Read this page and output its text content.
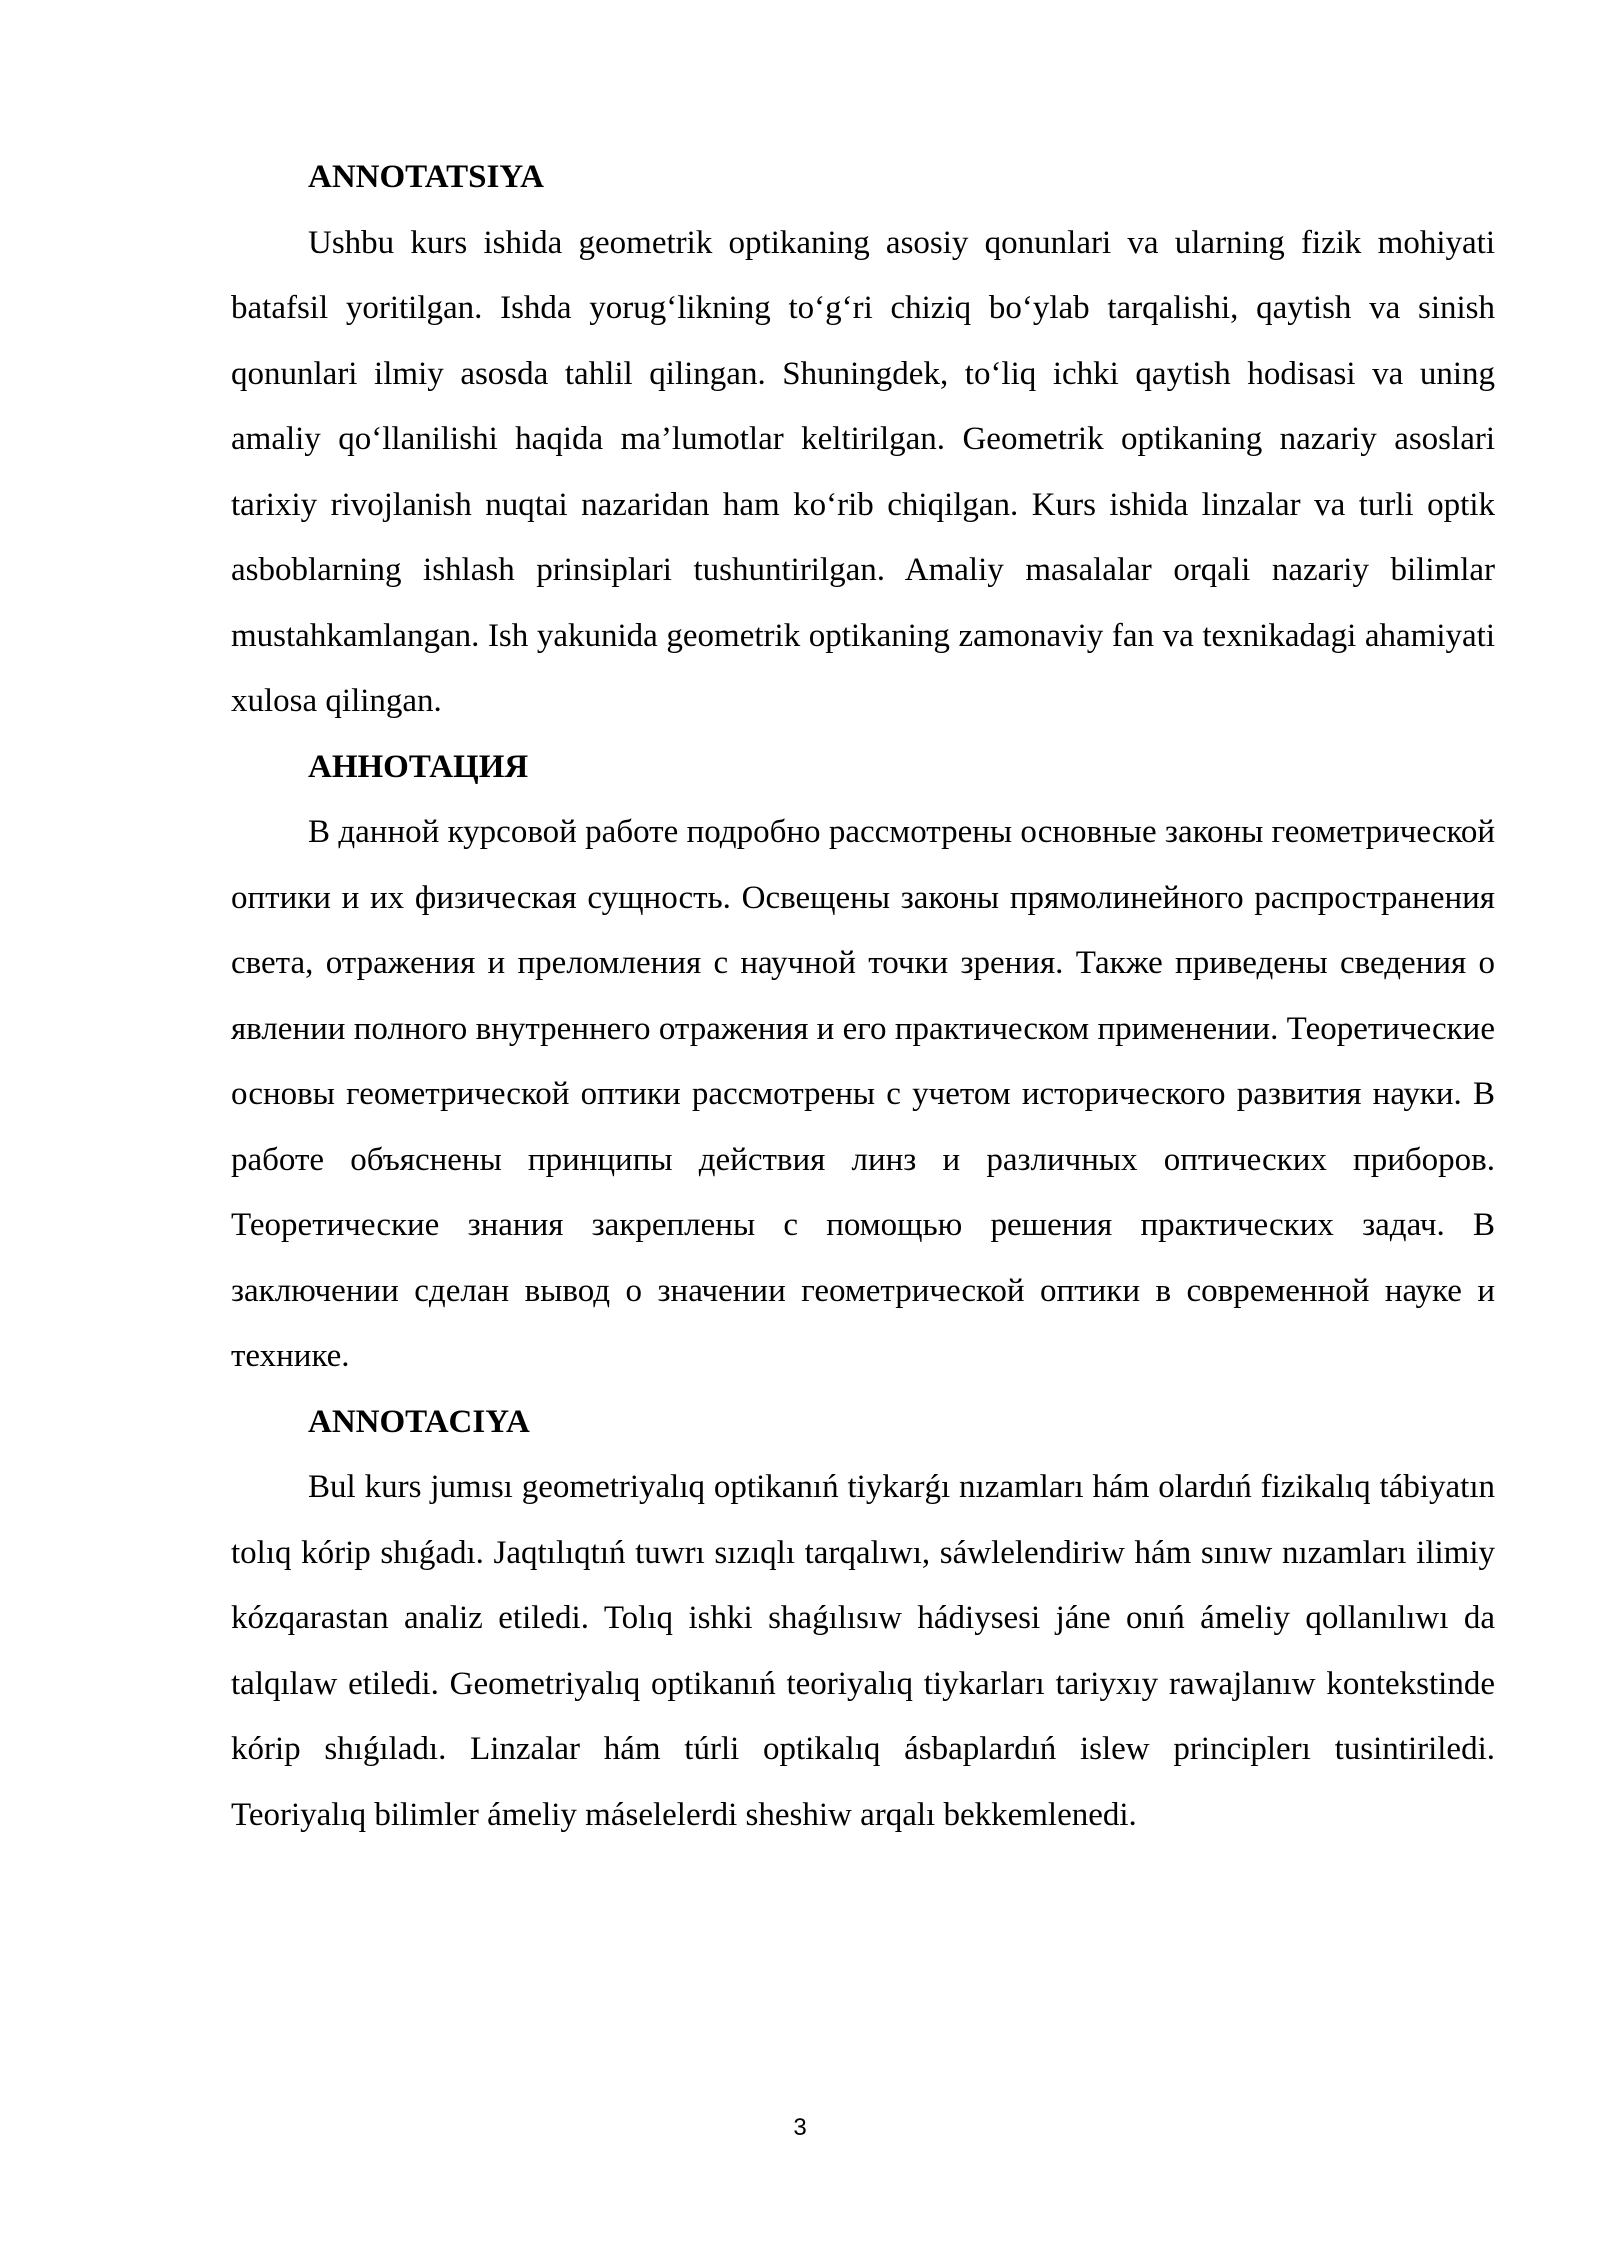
ANNOTATSIYA

Ushbu kurs ishida geometrik optikaning asosiy qonunlari va ularning fizik mohiyati batafsil yoritilgan. Ishda yorug‘likning to‘g‘ri chiziq bo‘ylab tarqalishi, qaytish va sinish qonunlari ilmiy asosda tahlil qilingan. Shuningdek, to‘liq ichki qaytish hodisasi va uning amaliy qo‘llanilishi haqida ma’lumotlar keltirilgan. Geometrik optikaning nazariy asoslari tarixiy rivojlanish nuqtai nazaridan ham ko‘rib chiqilgan. Kurs ishida linzalar va turli optik asboblarning ishlash prinsiplari tushuntirilgan. Amaliy masalalar orqali nazariy bilimlar mustahkamlangan. Ish yakunida geometrik optikaning zamonaviy fan va texnikadagi ahamiyati xulosa qilingan.

АННОТАЦИЯ

В данной курсовой работе подробно рассмотрены основные законы геометрической оптики и их физическая сущность. Освещены законы прямолинейного распространения света, отражения и преломления с научной точки зрения. Также приведены сведения о явлении полного внутреннего отражения и его практическом применении. Теоретические основы геометрической оптики рассмотрены с учетом исторического развития науки. В работе объяснены принципы действия линз и различных оптических приборов. Теоретические знания закреплены с помощью решения практических задач. В заключении сделан вывод о значении геометрической оптики в современной науке и технике.

ANNOTACIYA

Bul kurs jumısı geometriyalıq optikanıń tiykarǵı nızamları hám olardıń fizikalıq tábiyatın tolıq kórip shıǵadı. Jaqtılıqtıń tuwrı sızıqlı tarqalıwı, sáwlelendiriw hám sınıw nızamları ilimiy kózqarastan analiz etiledi. Tolıq ishki shaǵılısıw hádiysesi jáne onıń ámeliy qollanılıwı da talqılaw etiledi. Geometriyalıq optikanıń teoriyalıq tiykarları tariyxıy rawajlanıw kontekstinde kórip shıǵıladı. Linzalar hám túrli optikalıq ásbaplardıń islew principlerı tusintiriledi. Teoriyalıq bilimler ámeliy máselelerdi sheshiw arqalı bekkemlenedi.

3
